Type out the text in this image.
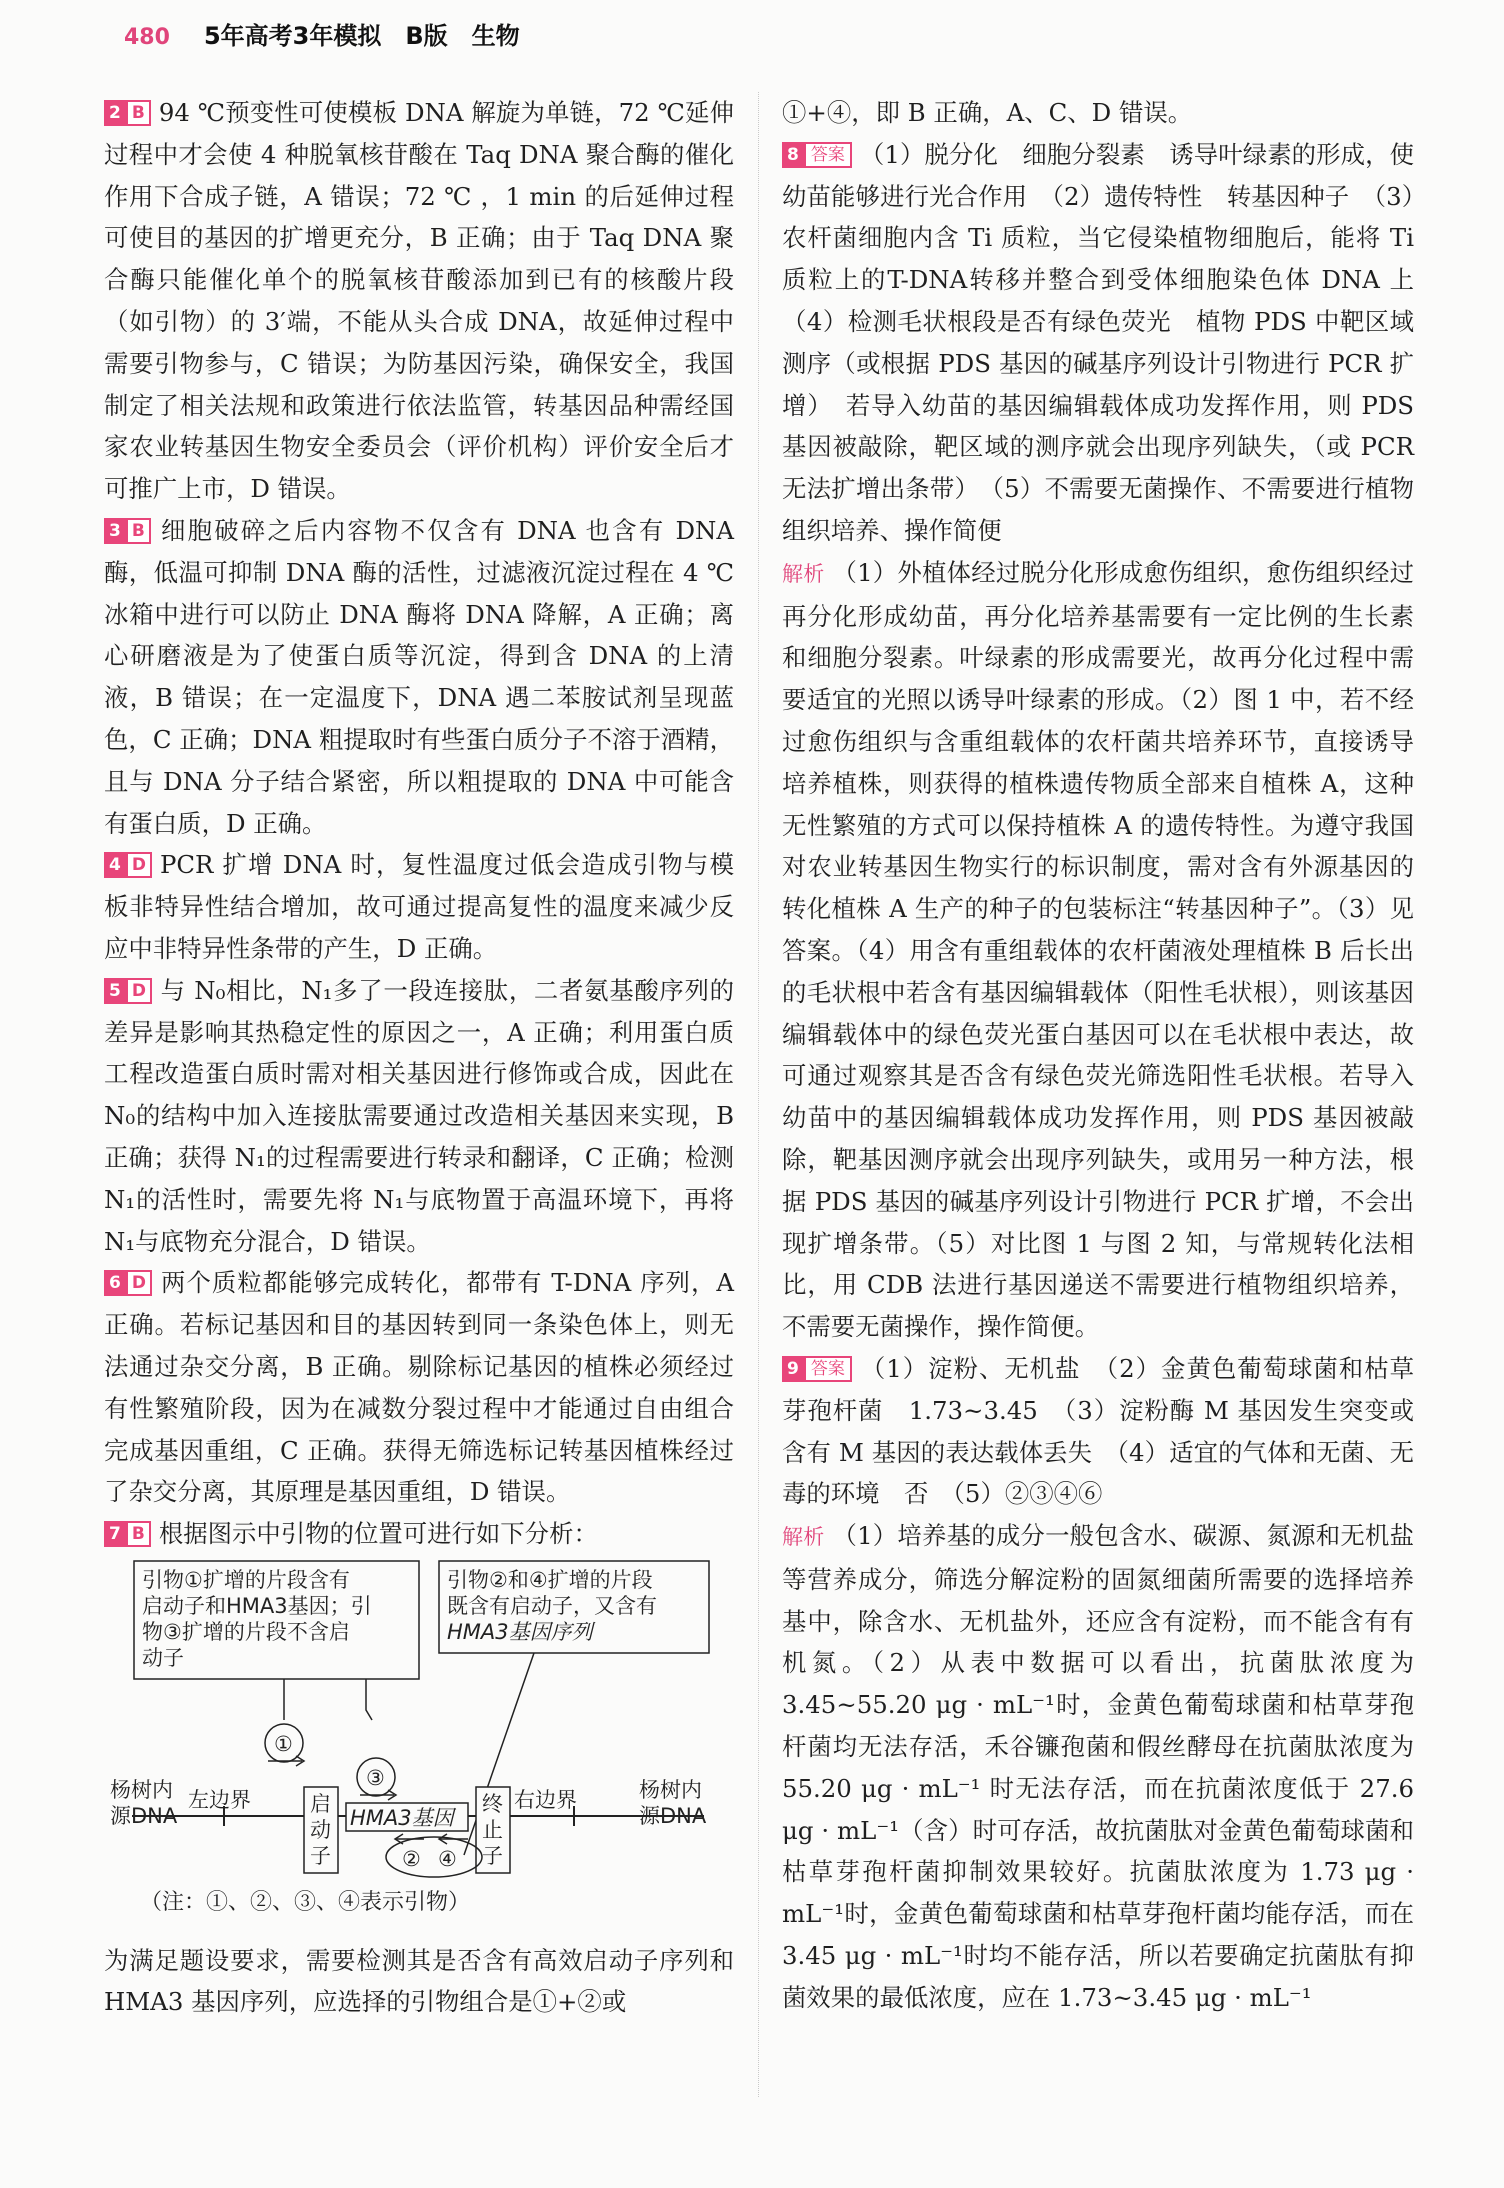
480 5年高考3年模拟　B版　生物
2 B 94 ℃预变性可使模板 DNA 解旋为单链，72 ℃延伸过程中才会使 4 种脱氧核苷酸在 Taq DNA 聚合酶的催化作用下合成子链，A 错误；72 ℃ ，1 min 的后延伸过程可使目的基因的扩增更充分，B 正确；由于 Taq DNA 聚合酶只能催化单个的脱氧核苷酸添加到已有的核酸片段（如引物）的 3′端，不能从头合成 DNA，故延伸过程中需要引物参与，C 错误；为防基因污染，确保安全，我国制定了相关法规和政策进行依法监管，转基因品种需经国家农业转基因生物安全委员会（评价机构）评价安全后才可推广上市，D 错误。
3 B 细胞破碎之后内容物不仅含有 DNA 也含有 DNA 酶，低温可抑制 DNA 酶的活性，过滤液沉淀过程在 4 ℃冰箱中进行可以防止 DNA 酶将 DNA 降解，A 正确；离心研磨液是为了使蛋白质等沉淀，得到含 DNA 的上清液，B 错误；在一定温度下，DNA 遇二苯胺试剂呈现蓝色，C 正确；DNA 粗提取时有些蛋白质分子不溶于酒精，且与 DNA 分子结合紧密，所以粗提取的 DNA 中可能含有蛋白质，D 正确。
4 D PCR 扩增 DNA 时，复性温度过低会造成引物与模板非特异性结合增加，故可通过提高复性的温度来减少反应中非特异性条带的产生，D 正确。
5 D 与 N₀相比，N₁多了一段连接肽，二者氨基酸序列的差异是影响其热稳定性的原因之一，A 正确；利用蛋白质工程改造蛋白质时需对相关基因进行修饰或合成，因此在 N₀的结构中加入连接肽需要通过改造相关基因来实现，B 正确；获得 N₁的过程需要进行转录和翻译，C 正确；检测 N₁的活性时，需要先将 N₁与底物置于高温环境下，再将 N₁与底物充分混合，D 错误。
6 D 两个质粒都能够完成转化，都带有 T-DNA 序列，A 正确。若标记基因和目的基因转到同一条染色体上，则无法通过杂交分离，B 正确。剔除标记基因的植株必须经过有性繁殖阶段，因为在减数分裂过程中才能通过自由组合完成基因重组，C 正确。获得无筛选标记转基因植株经过了杂交分离，其原理是基因重组，D 错误。
7 B 根据图示中引物的位置可进行如下分析：
引物①扩增的片段含有启动子和HMA3基因；引物③扩增的片段不含启动子
引物②和④扩增的片段既含有启动子，又含有 HMA3基因序列
①
③
杨树内源DNA
左边界	右边界	杨树内源DNA
启动子
HMA3基因
终止子
② ④
（注：①、②、③、④表示引物）
为满足题设要求，需要检测其是否含有高效启动子序列和 HMA3 基因序列，应选择的引物组合是①+②或
①+④，即 B 正确，A、C、D 错误。
8 答案 （1）脱分化　细胞分裂素　诱导叶绿素的形成，使幼苗能够进行光合作用　（2）遗传特性　转基因种子　（3）农杆菌细胞内含 Ti 质粒，当它侵染植物细胞后，能将 Ti 质粒上的T-DNA转移并整合到受体细胞染色体 DNA 上　（4）检测毛状根段是否有绿色荧光　植物 PDS 中靶区域测序（或根据 PDS 基因的碱基序列设计引物进行 PCR 扩增）　若导入幼苗的基因编辑载体成功发挥作用，则 PDS 基因被敲除，靶区域的测序就会出现序列缺失，（或 PCR 无法扩增出条带）　（5）不需要无菌操作、不需要进行植物组织培养、操作简便
解析 （1）外植体经过脱分化形成愈伤组织，愈伤组织经过再分化形成幼苗，再分化培养基需要有一定比例的生长素和细胞分裂素。叶绿素的形成需要光，故再分化过程中需要适宜的光照以诱导叶绿素的形成。（2）图 1 中，若不经过愈伤组织与含重组载体的农杆菌共培养环节，直接诱导培养植株，则获得的植株遗传物质全部来自植株 A，这种无性繁殖的方式可以保持植株 A 的遗传特性。为遵守我国对农业转基因生物实行的标识制度，需对含有外源基因的转化植株 A 生产的种子的包装标注“转基因种子”。（3）见答案。（4）用含有重组载体的农杆菌液处理植株 B 后长出的毛状根中若含有基因编辑载体（阳性毛状根），则该基因编辑载体中的绿色荧光蛋白基因可以在毛状根中表达，故可通过观察其是否含有绿色荧光筛选阳性毛状根。若导入幼苗中的基因编辑载体成功发挥作用，则 PDS 基因被敲除，靶基因测序就会出现序列缺失，或用另一种方法，根据 PDS 基因的碱基序列设计引物进行 PCR 扩增，不会出现扩增条带。（5）对比图 1 与图 2 知，与常规转化法相比，用 CDB 法进行基因递送不需要进行植物组织培养，不需要无菌操作，操作简便。
9 答案 （1）淀粉、无机盐　（2）金黄色葡萄球菌和枯草芽孢杆菌　1.73~3.45　（3）淀粉酶 M 基因发生突变或含有 M 基因的表达载体丢失　（4）适宜的气体和无菌、无毒的环境　否　（5）②③④⑥
解析 （1）培养基的成分一般包含水、碳源、氮源和无机盐等营养成分，筛选分解淀粉的固氮细菌所需要的选择培养基中，除含水、无机盐外，还应含有淀粉，而不能含有有机氮。（2）从表中数据可以看出，抗菌肽浓度为 3.45~55.20 μg · mL⁻¹时，金黄色葡萄球菌和枯草芽孢杆菌均无法存活，禾谷镰孢菌和假丝酵母在抗菌肽浓度为55.20 μg · mL⁻¹ 时无法存活，而在抗菌浓度低于 27.6 μg · mL⁻¹（含）时可存活，故抗菌肽对金黄色葡萄球菌和枯草芽孢杆菌抑制效果较好。抗菌肽浓度为 1.73 μg · mL⁻¹时，金黄色葡萄球菌和枯草芽孢杆菌均能存活，而在 3.45 μg · mL⁻¹时均不能存活，所以若要确定抗菌肽有抑菌效果的最低浓度，应在 1.73~3.45 μg · mL⁻¹
